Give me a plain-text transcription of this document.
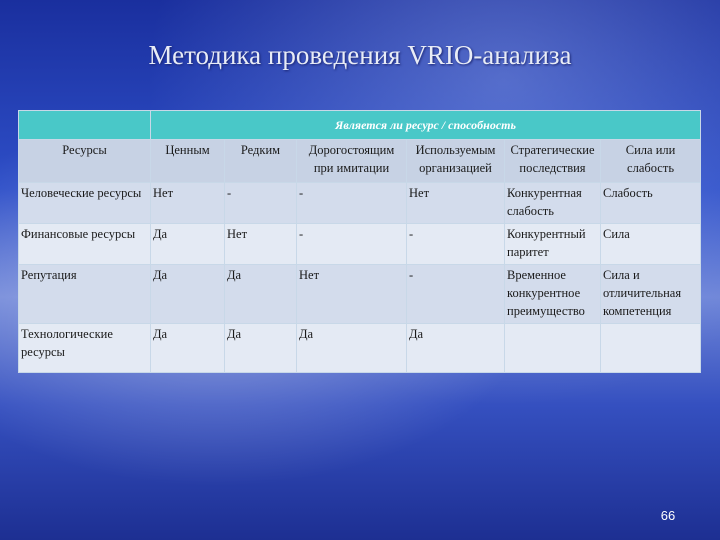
Методика проведения VRIO-анализа
	Является ли ресурс / способность					
Ресурсы	Ценным	Редким	Дорогостоящим при имитации	Используемым организацией	Стратегические последствия	Сила или слабость
Человеческие ресурсы	Нет	-	-	Нет	Конкурентная слабость	Слабость
Финансовые ресурсы	Да	Нет	-	-	Конкурентный паритет	Сила
Репутация	Да	Да	Нет	-	Временное конкурентное преимущество	Сила и отличительная компетенция
Технологические ресурсы	Да	Да	Да	Да		
66
